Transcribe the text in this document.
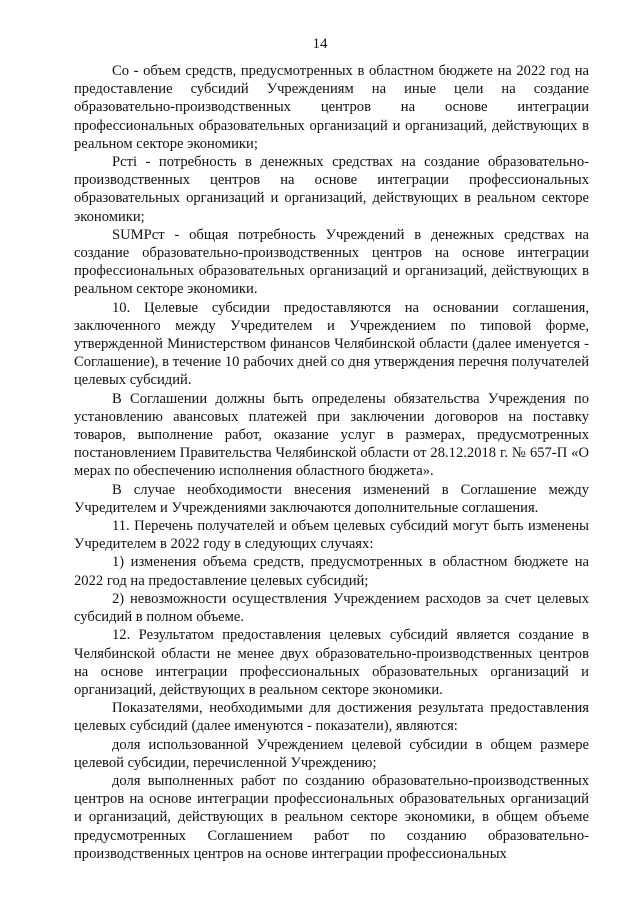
14

Со - объем средств, предусмотренных в областном бюджете на 2022 год на предоставление субсидий Учреждениям на иные цели на создание образовательно-производственных центров на основе интеграции профессиональных образовательных организаций и организаций, действующих в реальном секторе экономики;

Рсті - потребность в денежных средствах на создание образовательно-производственных центров на основе интеграции профессиональных образовательных организаций и организаций, действующих в реальном секторе экономики;

SUMPст - общая потребность Учреждений в денежных средствах на создание образовательно-производственных центров на основе интеграции профессиональных образовательных организаций и организаций, действующих в реальном секторе экономики.

10. Целевые субсидии предоставляются на основании соглашения, заключенного между Учредителем и Учреждением по типовой форме, утвержденной Министерством финансов Челябинской области (далее именуется - Соглашение), в течение 10 рабочих дней со дня утверждения перечня получателей целевых субсидий.

В Соглашении должны быть определены обязательства Учреждения по установлению авансовых платежей при заключении договоров на поставку товаров, выполнение работ, оказание услуг в размерах, предусмотренных постановлением Правительства Челябинской области от 28.12.2018 г. № 657-П «О мерах по обеспечению исполнения областного бюджета».

В случае необходимости внесения изменений в Соглашение между Учредителем и Учреждениями заключаются дополнительные соглашения.

11. Перечень получателей и объем целевых субсидий могут быть изменены Учредителем в 2022 году в следующих случаях:

1) изменения объема средств, предусмотренных в областном бюджете на 2022 год на предоставление целевых субсидий;

2) невозможности осуществления Учреждением расходов за счет целевых субсидий в полном объеме.

12. Результатом предоставления целевых субсидий является создание в Челябинской области не менее двух образовательно-производственных центров на основе интеграции профессиональных образовательных организаций и организаций, действующих в реальном секторе экономики.

Показателями, необходимыми для достижения результата предоставления целевых субсидий (далее именуются - показатели), являются:

доля использованной Учреждением целевой субсидии в общем размере целевой субсидии, перечисленной Учреждению;

доля выполненных работ по созданию образовательно-производственных центров на основе интеграции профессиональных образовательных организаций и организаций, действующих в реальном секторе экономики, в общем объеме предусмотренных Соглашением работ по созданию образовательно-производственных центров на основе интеграции профессиональных
